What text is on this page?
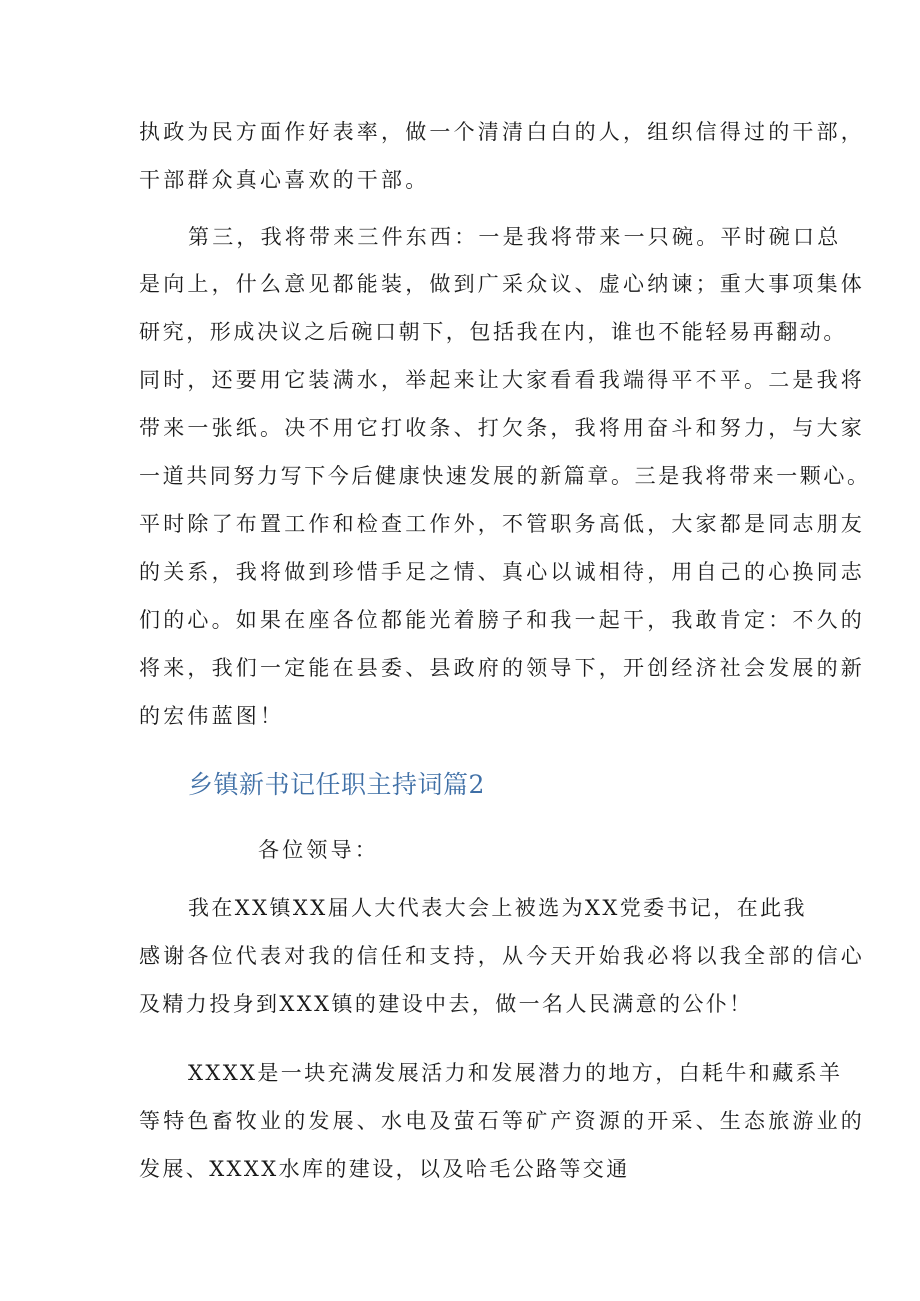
执政为民方面作好表率，做一个清清白白的人，组织信得过的干部，
干部群众真心喜欢的干部。
第三，我将带来三件东西：一是我将带来一只碗。平时碗口总
是向上，什么意见都能装，做到广采众议、虚心纳谏；重大事项集体
研究，形成决议之后碗口朝下，包括我在内，谁也不能轻易再翻动。
同时，还要用它装满水，举起来让大家看看我端得平不平。二是我将
带来一张纸。决不用它打收条、打欠条，我将用奋斗和努力，与大家
一道共同努力写下今后健康快速发展的新篇章。三是我将带来一颗心。
平时除了布置工作和检查工作外，不管职务高低，大家都是同志朋友
的关系，我将做到珍惜手足之情、真心以诚相待，用自己的心换同志
们的心。如果在座各位都能光着膀子和我一起干，我敢肯定：不久的
将来，我们一定能在县委、县政府的领导下，开创经济社会发展的新
的宏伟蓝图！
乡镇新书记任职主持词篇2
各位领导：
我在XX镇XX届人大代表大会上被选为XX党委书记，在此我
感谢各位代表对我的信任和支持，从今天开始我必将以我全部的信心
及精力投身到XXX镇的建设中去，做一名人民满意的公仆！
XXXX是一块充满发展活力和发展潜力的地方，白耗牛和藏系羊
等特色畜牧业的发展、水电及萤石等矿产资源的开采、生态旅游业的
发展、XXXX水库的建设，以及哈毛公路等交通
